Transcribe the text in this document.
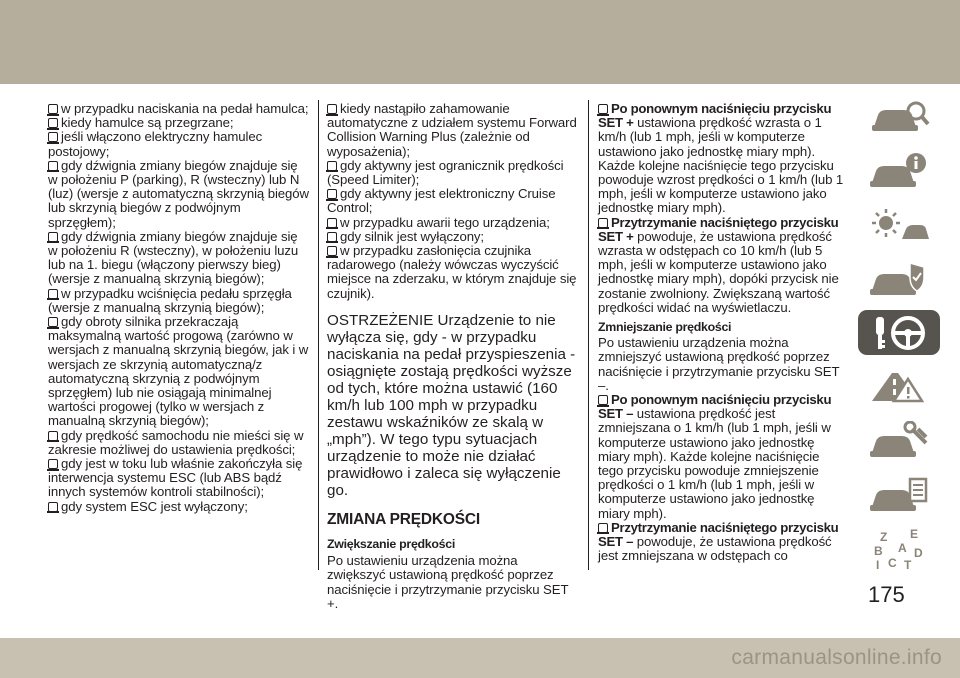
w przypadku naciskania na pedał hamulca;

kiedy hamulce są przegrzane;

jeśli włączono elektryczny hamulec postojowy;

gdy dźwignia zmiany biegów znajduje się w położeniu P (parking), R (wsteczny) lub N (luz) (wersje z automatyczną skrzynią biegów lub skrzynią biegów z podwójnym sprzęgłem);

gdy dźwignia zmiany biegów znajduje się w położeniu R (wsteczny), w położeniu luzu lub na 1. biegu (włączony pierwszy bieg) (wersje z manualną skrzynią biegów);

w przypadku wciśnięcia pedału sprzęgła (wersje z manualną skrzynią biegów);

gdy obroty silnika przekraczają maksymalną wartość progową (zarówno w wersjach z manualną skrzynią biegów, jak i w wersjach ze skrzynią automatyczną/z automatyczną skrzynią z podwójnym sprzęgłem) lub nie osiągają minimalnej wartości progowej (tylko w wersjach z manualną skrzynią biegów);

gdy prędkość samochodu nie mieści się w zakresie możliwej do ustawienia prędkości;

gdy jest w toku lub właśnie zakończyła się interwencja systemu ESC (lub ABS bądź innych systemów kontroli stabilności);

gdy system ESC jest wyłączony;

kiedy nastąpiło zahamowanie automatyczne z udziałem systemu Forward Collision Warning Plus (zależnie od wyposażenia);

gdy aktywny jest ogranicznik prędkości (Speed Limiter);

gdy aktywny jest elektroniczny Cruise Control;

w przypadku awarii tego urządzenia;

gdy silnik jest wyłączony;

w przypadku zasłonięcia czujnika radarowego (należy wówczas wyczyścić miejsce na zderzaku, w którym znajduje się czujnik).

OSTRZEŻENIE Urządzenie to nie wyłącza się, gdy - w przypadku naciskania na pedał przyspieszenia - osiągnięte zostają prędkości wyższe od tych, które można ustawić (160 km/h lub 100 mph w przypadku zestawu wskaźników ze skalą w „mph”). W tego typu sytuacjach urządzenie to może nie działać prawidłowo i zaleca się wyłączenie go.

ZMIANA PRĘDKOŚCI
Zwiększanie prędkości

Po ustawieniu urządzenia można zwiększyć ustawioną prędkość poprzez naciśnięcie i przytrzymanie przycisku SET +.

Po ponownym naciśnięciu przycisku SET + ustawiona prędkość wzrasta o 1 km/h (lub 1 mph, jeśli w komputerze ustawiono jako jednostkę miary mph). Każde kolejne naciśnięcie tego przycisku powoduje wzrost prędkości o 1 km/h (lub 1 mph, jeśli w komputerze ustawiono jako jednostkę miary mph).

Przytrzymanie naciśniętego przycisku SET + powoduje, że ustawiona prędkość wzrasta w odstępach co 10 km/h (lub 5 mph, jeśli w komputerze ustawiono jako jednostkę miary mph), dopóki przycisk nie zostanie zwolniony. Zwiększaną wartość prędkości widać na wyświetlaczu.

Zmniejszanie prędkości

Po ustawieniu urządzenia można zmniejszyć ustawioną prędkość poprzez naciśnięcie i przytrzymanie przycisku SET –.

Po ponownym naciśnięciu przycisku SET – ustawiona prędkość jest zmniejszana o 1 km/h (lub 1 mph, jeśli w komputerze ustawiono jako jednostkę miary mph). Każde kolejne naciśnięcie tego przycisku powoduje zmniejszenie prędkości o 1 km/h (lub 1 mph, jeśli w komputerze ustawiono jako jednostkę miary mph).

Przytrzymanie naciśniętego przycisku SET – powoduje, że ustawiona prędkość jest zmniejszana w odstępach co

Z E
B A
C
D
I T
175
carmanualsonline.info
